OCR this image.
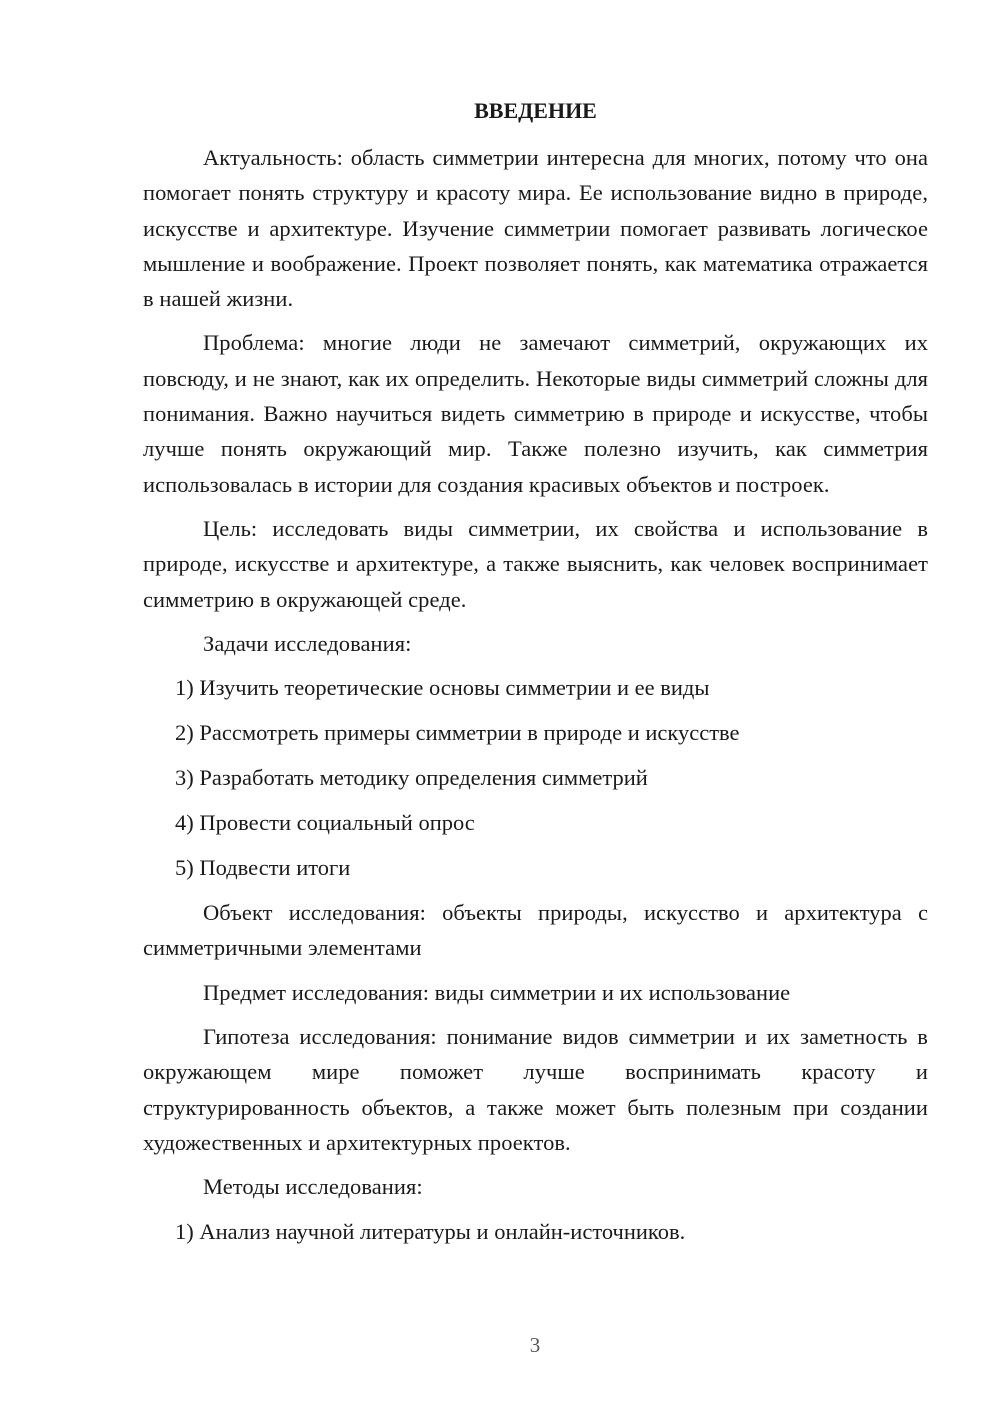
ВВЕДЕНИЕ

Актуальность: область симметрии интересна для многих, потому что она помогает понять структуру и красоту мира. Ее использование видно в природе, искусстве и архитектуре. Изучение симметрии помогает развивать логическое мышление и воображение. Проект позволяет понять, как математика отражается в нашей жизни.

Проблема: многие люди не замечают симметрий, окружающих их повсюду, и не знают, как их определить. Некоторые виды симметрий сложны для понимания. Важно научиться видеть симметрию в природе и искусстве, чтобы лучше понять окружающий мир. Также полезно изучить, как симметрия использовалась в истории для создания красивых объектов и построек.

Цель: исследовать виды симметрии, их свойства и использование в природе, искусстве и архитектуре, а также выяснить, как человек воспринимает симметрию в окружающей среде.

Задачи исследования:

1) Изучить теоретические основы симметрии и ее виды
2) Рассмотреть примеры симметрии в природе и искусстве
3) Разработать методику определения симметрий
4) Провести социальный опрос
5) Подвести итоги

Объект исследования: объекты природы, искусство и архитектура с симметричными элементами

Предмет исследования: виды симметрии и их использование

Гипотеза исследования: понимание видов симметрии и их заметность в окружающем мире поможет лучше воспринимать красоту и структурированность объектов, а также может быть полезным при создании художественных и архитектурных проектов.

Методы исследования:

1) Анализ научной литературы и онлайн-источников.
3
